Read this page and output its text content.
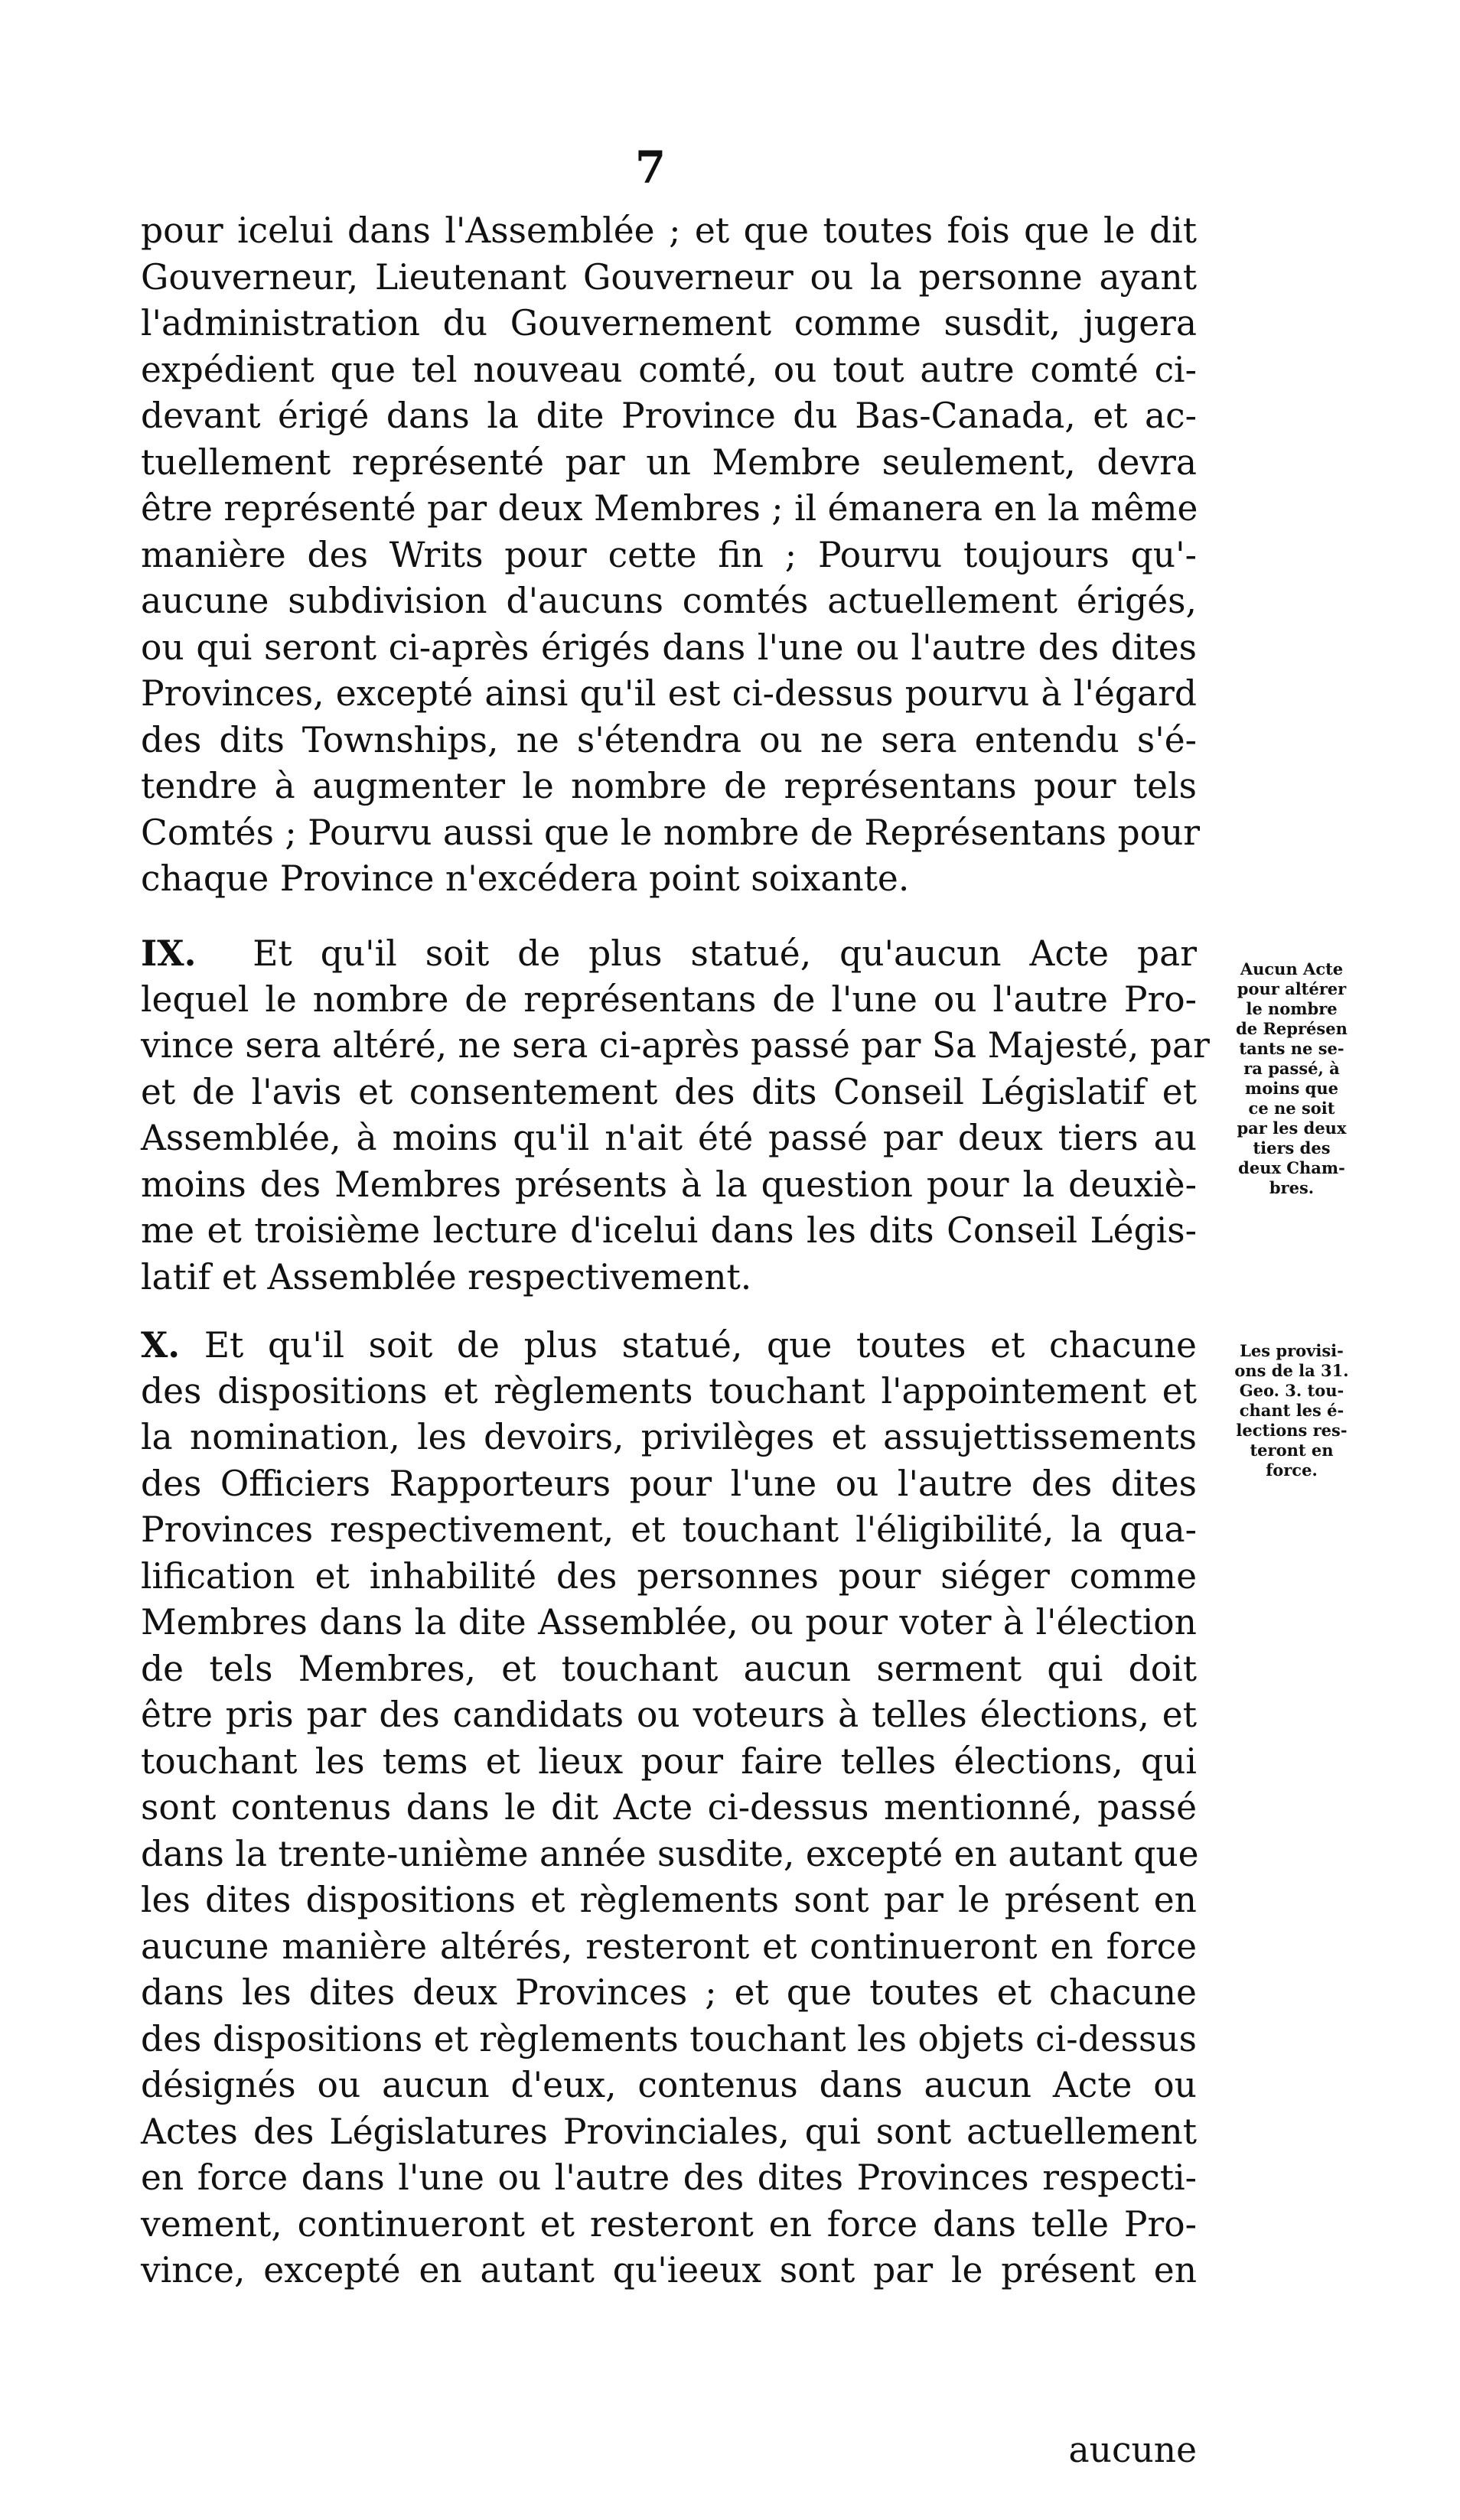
7
pour icelui dans l'Assemblée ; et que toutes fois que le dit
Gouverneur, Lieutenant Gouverneur ou la personne ayant
l'administration du Gouvernement comme susdit, jugera
expédient que tel nouveau comté, ou tout autre comté ci-
devant érigé dans la dite Province du Bas-Canada, et ac-
tuellement représenté par un Membre seulement, devra
être représenté par deux Membres ; il émanera en la même
manière des Writs pour cette fin ; Pourvu toujours qu'-
aucune subdivision d'aucuns comtés actuellement érigés,
ou qui seront ci-après érigés dans l'une ou l'autre des dites
Provinces, excepté ainsi qu'il est ci-dessus pourvu à l'égard
des dits Townships, ne s'étendra ou ne sera entendu s'é-
tendre à augmenter le nombre de représentans pour tels
Comtés ; Pourvu aussi que le nombre de Représentans pour
chaque Province n'excédera point soixante.
IX. Et qu'il soit de plus statué, qu'aucun Acte par
lequel le nombre de représentans de l'une ou l'autre Pro-
vince sera altéré, ne sera ci-après passé par Sa Majesté, par
et de l'avis et consentement des dits Conseil Législatif et
Assemblée, à moins qu'il n'ait été passé par deux tiers au
moins des Membres présents à la question pour la deuxiè-
me et troisième lecture d'icelui dans les dits Conseil Légis-
latif et Assemblée respectivement.
Aucun Acte
pour altérer
le nombre
de Représen
tants ne se-
ra passé, à
moins que
ce ne soit
par les deux
tiers des
deux Cham-
bres.
X. Et qu'il soit de plus statué, que toutes et chacune
des dispositions et règlements touchant l'appointement et
la nomination, les devoirs, privilèges et assujettissements
des Officiers Rapporteurs pour l'une ou l'autre des dites
Provinces respectivement, et touchant l'éligibilité, la qua-
lification et inhabilité des personnes pour siéger comme
Membres dans la dite Assemblée, ou pour voter à l'élection
de tels Membres, et touchant aucun serment qui doit
être pris par des candidats ou voteurs à telles élections, et
touchant les tems et lieux pour faire telles élections, qui
sont contenus dans le dit Acte ci-dessus mentionné, passé
dans la trente-unième année susdite, excepté en autant que
les dites dispositions et règlements sont par le présent en
aucune manière altérés, resteront et continueront en force
dans les dites deux Provinces ; et que toutes et chacune
des dispositions et règlements touchant les objets ci-dessus
désignés ou aucun d'eux, contenus dans aucun Acte ou
Actes des Législatures Provinciales, qui sont actuellement
en force dans l'une ou l'autre des dites Provinces respecti-
vement, continueront et resteront en force dans telle Pro-
vince, excepté en autant qu'ieeux sont par le présent en
Les provisi-
ons de la 31.
Geo. 3. tou-
chant les é-
lections res-
teront en
force.
aucune
